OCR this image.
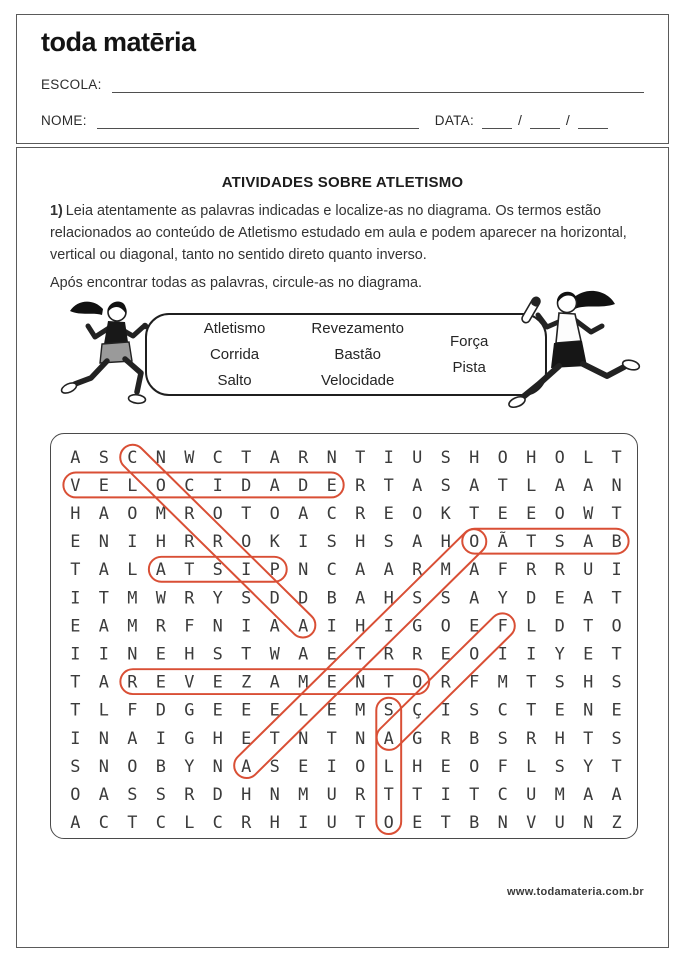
toda matēria
ESCOLA:
NOME:	DATA:	/	/
ATIVIDADES SOBRE ATLETISMO

1) Leia atentamente as palavras indicadas e localize-as no diagrama. Os termos estão relacionados ao conteúdo de Atletismo estudado em aula e podem aparecer na horizontal, vertical ou diagonal, tanto no sentido direto quanto inverso.

Após encontrar todas as palavras, circule-as no diagrama.

Atletismo
Corrida
Salto
Revezamento
Bastão
Velocidade
Força
Pista
A S C N W C T A R N T I U S H O H O L T
V E L O C I D A D E R T A S A T L A A N
H A O M R O T O A C R E O K T E E O W T
E N I H R R O K I S H S A H O Ã T S A B
T A L A T S I P N C A A R M A F R R U I
I T M W R Y S D D B A H S S A Y D E A T
E A M R F N I A A I H I G O E F L D T O
I I N E H S T W A E T R R E O I I Y E T
T A R E V E Z A M E N T O R F M T S H S
T L F D G E E E L E M S Ç I S C T E N E
I N A I G H E T N T N A G R B S R H T S
S N O B Y N A S E I O L H E O F L S Y T
O A S S R D H N M U R T T I T C U M A A
A C T C L C R H I U T O E T B N V U N Z
www.todamateria.com.br
